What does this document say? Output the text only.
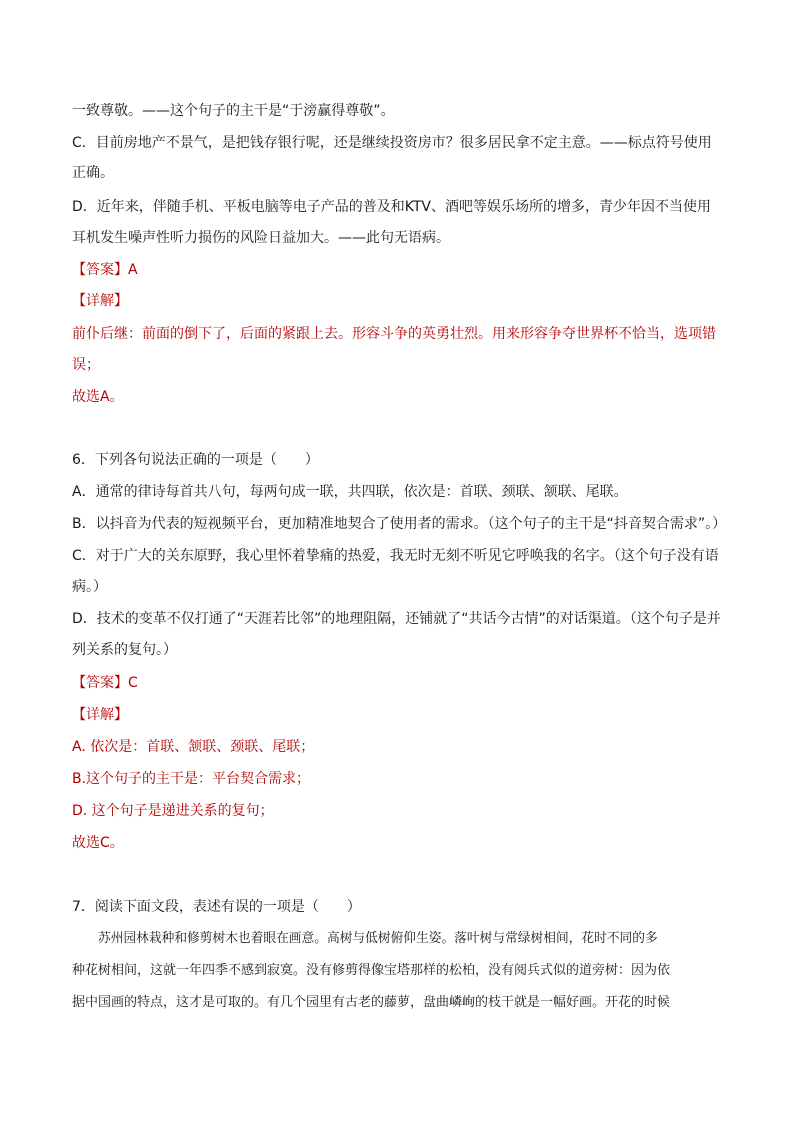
一致尊敬。——这个句子的主干是“于滂赢得尊敬”。
C．目前房地产不景气，是把钱存银行呢，还是继续投资房市？很多居民拿不定主意。——标点符号使用
正确。
D．近年来，伴随手机、平板电脑等电子产品的普及和KTV、酒吧等娱乐场所的增多，青少年因不当使用
耳机发生噪声性听力损伤的风险日益加大。——此句无语病。
【答案】A
【详解】
前仆后继：前面的倒下了，后面的紧跟上去。形容斗争的英勇壮烈。用来形容争夺世界杯不恰当，选项错
误；
故选A。
6．下列各句说法正确的一项是（　　）
A．通常的律诗每首共八句，每两句成一联，共四联，依次是：首联、颈联、颔联、尾联。
B．以抖音为代表的短视频平台，更加精准地契合了使用者的需求。（这个句子的主干是“抖音契合需求”。）
C．对于广大的关东原野，我心里怀着挚痛的热爱，我无时无刻不听见它呼唤我的名字。（这个句子没有语
病。）
D．技术的变革不仅打通了“天涯若比邻”的地理阻隔，还铺就了“共话今古情”的对话渠道。（这个句子是并
列关系的复句。）
【答案】C
【详解】
A. 依次是：首联、颔联、颈联、尾联；
B.这个句子的主干是：平台契合需求；
D. 这个句子是递进关系的复句；
故选C。
7．阅读下面文段，表述有误的一项是（　　）
苏州园林栽种和修剪树木也着眼在画意。高树与低树俯仰生姿。落叶树与常绿树相间，花时不同的多
种花树相间，这就一年四季不感到寂寞。没有修剪得像宝塔那样的松柏，没有阅兵式似的道旁树：因为依
据中国画的特点，这才是可取的。有几个园里有古老的藤萝，盘曲嶙峋的枝干就是一幅好画。开花的时候
